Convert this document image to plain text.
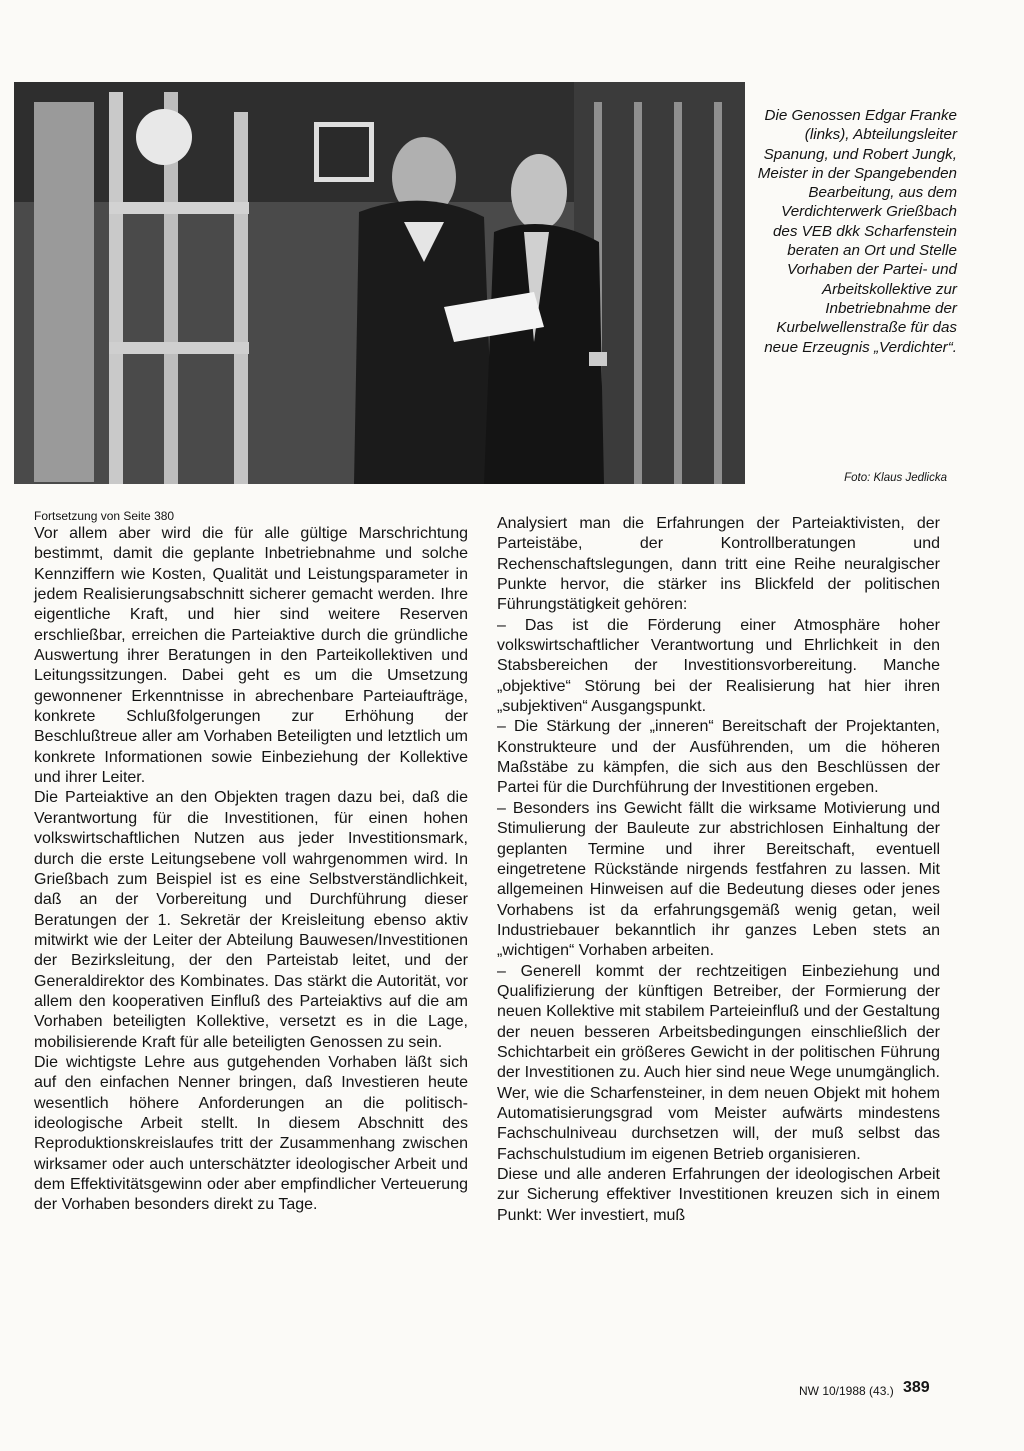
Die Genossen Edgar Franke (links), Abteilungsleiter Spanung, und Robert Jungk, Meister in der Spangebenden Bearbeitung, aus dem Verdichterwerk Grießbach des VEB dkk Scharfenstein beraten an Ort und Stelle Vorhaben der Partei- und Arbeitskollektive zur Inbetriebnahme der Kurbelwellenstraße für das neue Erzeugnis „Verdichter“.

Foto: Klaus Jedlicka

Fortsetzung von Seite 380

Vor allem aber wird die für alle gültige Marschrichtung bestimmt, damit die geplante Inbetriebnahme und solche Kennziffern wie Kosten, Qualität und Leistungsparameter in jedem Realisierungsabschnitt sicherer gemacht werden. Ihre eigentliche Kraft, und hier sind weitere Reserven erschließbar, erreichen die Parteiaktive durch die gründliche Auswertung ihrer Beratungen in den Parteikollektiven und Leitungssitzungen. Dabei geht es um die Umsetzung gewonnener Erkenntnisse in abrechenbare Parteiaufträge, konkrete Schlußfolgerungen zur Erhöhung der Beschlußtreue aller am Vorhaben Beteiligten und letztlich um konkrete Informationen sowie Einbeziehung der Kollektive und ihrer Leiter.

Die Parteiaktive an den Objekten tragen dazu bei, daß die Verantwortung für die Investitionen, für einen hohen volkswirtschaftlichen Nutzen aus jeder Investitionsmark, durch die erste Leitungsebene voll wahrgenommen wird. In Grießbach zum Beispiel ist es eine Selbstverständlichkeit, daß an der Vorbereitung und Durchführung dieser Beratungen der 1. Sekretär der Kreisleitung ebenso aktiv mitwirkt wie der Leiter der Abteilung Bauwesen/Investitionen der Bezirksleitung, der den Parteistab leitet, und der Generaldirektor des Kombinates. Das stärkt die Autorität, vor allem den kooperativen Einfluß des Parteiaktivs auf die am Vorhaben beteiligten Kollektive, versetzt es in die Lage, mobilisierende Kraft für alle beteiligten Genossen zu sein.

Die wichtigste Lehre aus gutgehenden Vorhaben läßt sich auf den einfachen Nenner bringen, daß Investieren heute wesentlich höhere Anforderungen an die politisch-ideologische Arbeit stellt. In diesem Abschnitt des Reproduktionskreislaufes tritt der Zusammenhang zwischen wirksamer oder auch unterschätzter ideologischer Arbeit und dem Effektivitätsgewinn oder aber empfindlicher Verteuerung der Vorhaben besonders direkt zu Tage.

Analysiert man die Erfahrungen der Parteiaktivisten, der Parteistäbe, der Kontrollberatungen und Rechenschaftslegungen, dann tritt eine Reihe neuralgischer Punkte hervor, die stärker ins Blickfeld der politischen Führungstätigkeit gehören:

– Das ist die Förderung einer Atmosphäre hoher volkswirtschaftlicher Verantwortung und Ehrlichkeit in den Stabsbereichen der Investitionsvorbereitung. Manche „objektive“ Störung bei der Realisierung hat hier ihren „subjektiven“ Ausgangspunkt.

– Die Stärkung der „inneren“ Bereitschaft der Projektanten, Konstrukteure und der Ausführenden, um die höheren Maßstäbe zu kämpfen, die sich aus den Beschlüssen der Partei für die Durchführung der Investitionen ergeben.

– Besonders ins Gewicht fällt die wirksame Motivierung und Stimulierung der Bauleute zur abstrichlosen Einhaltung der geplanten Termine und ihrer Bereitschaft, eventuell eingetretene Rückstände nirgends festfahren zu lassen. Mit allgemeinen Hinweisen auf die Bedeutung dieses oder jenes Vorhabens ist da erfahrungsgemäß wenig getan, weil Industriebauer bekanntlich ihr ganzes Leben stets an „wichtigen“ Vorhaben arbeiten.

– Generell kommt der rechtzeitigen Einbeziehung und Qualifizierung der künftigen Betreiber, der Formierung der neuen Kollektive mit stabilem Parteieinfluß und der Gestaltung der neuen besseren Arbeitsbedingungen einschließlich der Schichtarbeit ein größeres Gewicht in der politischen Führung der Investitionen zu. Auch hier sind neue Wege unumgänglich. Wer, wie die Scharfensteiner, in dem neuen Objekt mit hohem Automatisierungsgrad vom Meister aufwärts mindestens Fachschulniveau durchsetzen will, der muß selbst das Fachschulstudium im eigenen Betrieb organisieren.

Diese und alle anderen Erfahrungen der ideologischen Arbeit zur Sicherung effektiver Investitionen kreuzen sich in einem Punkt: Wer investiert, muß

NW 10/1988 (43.) 389
